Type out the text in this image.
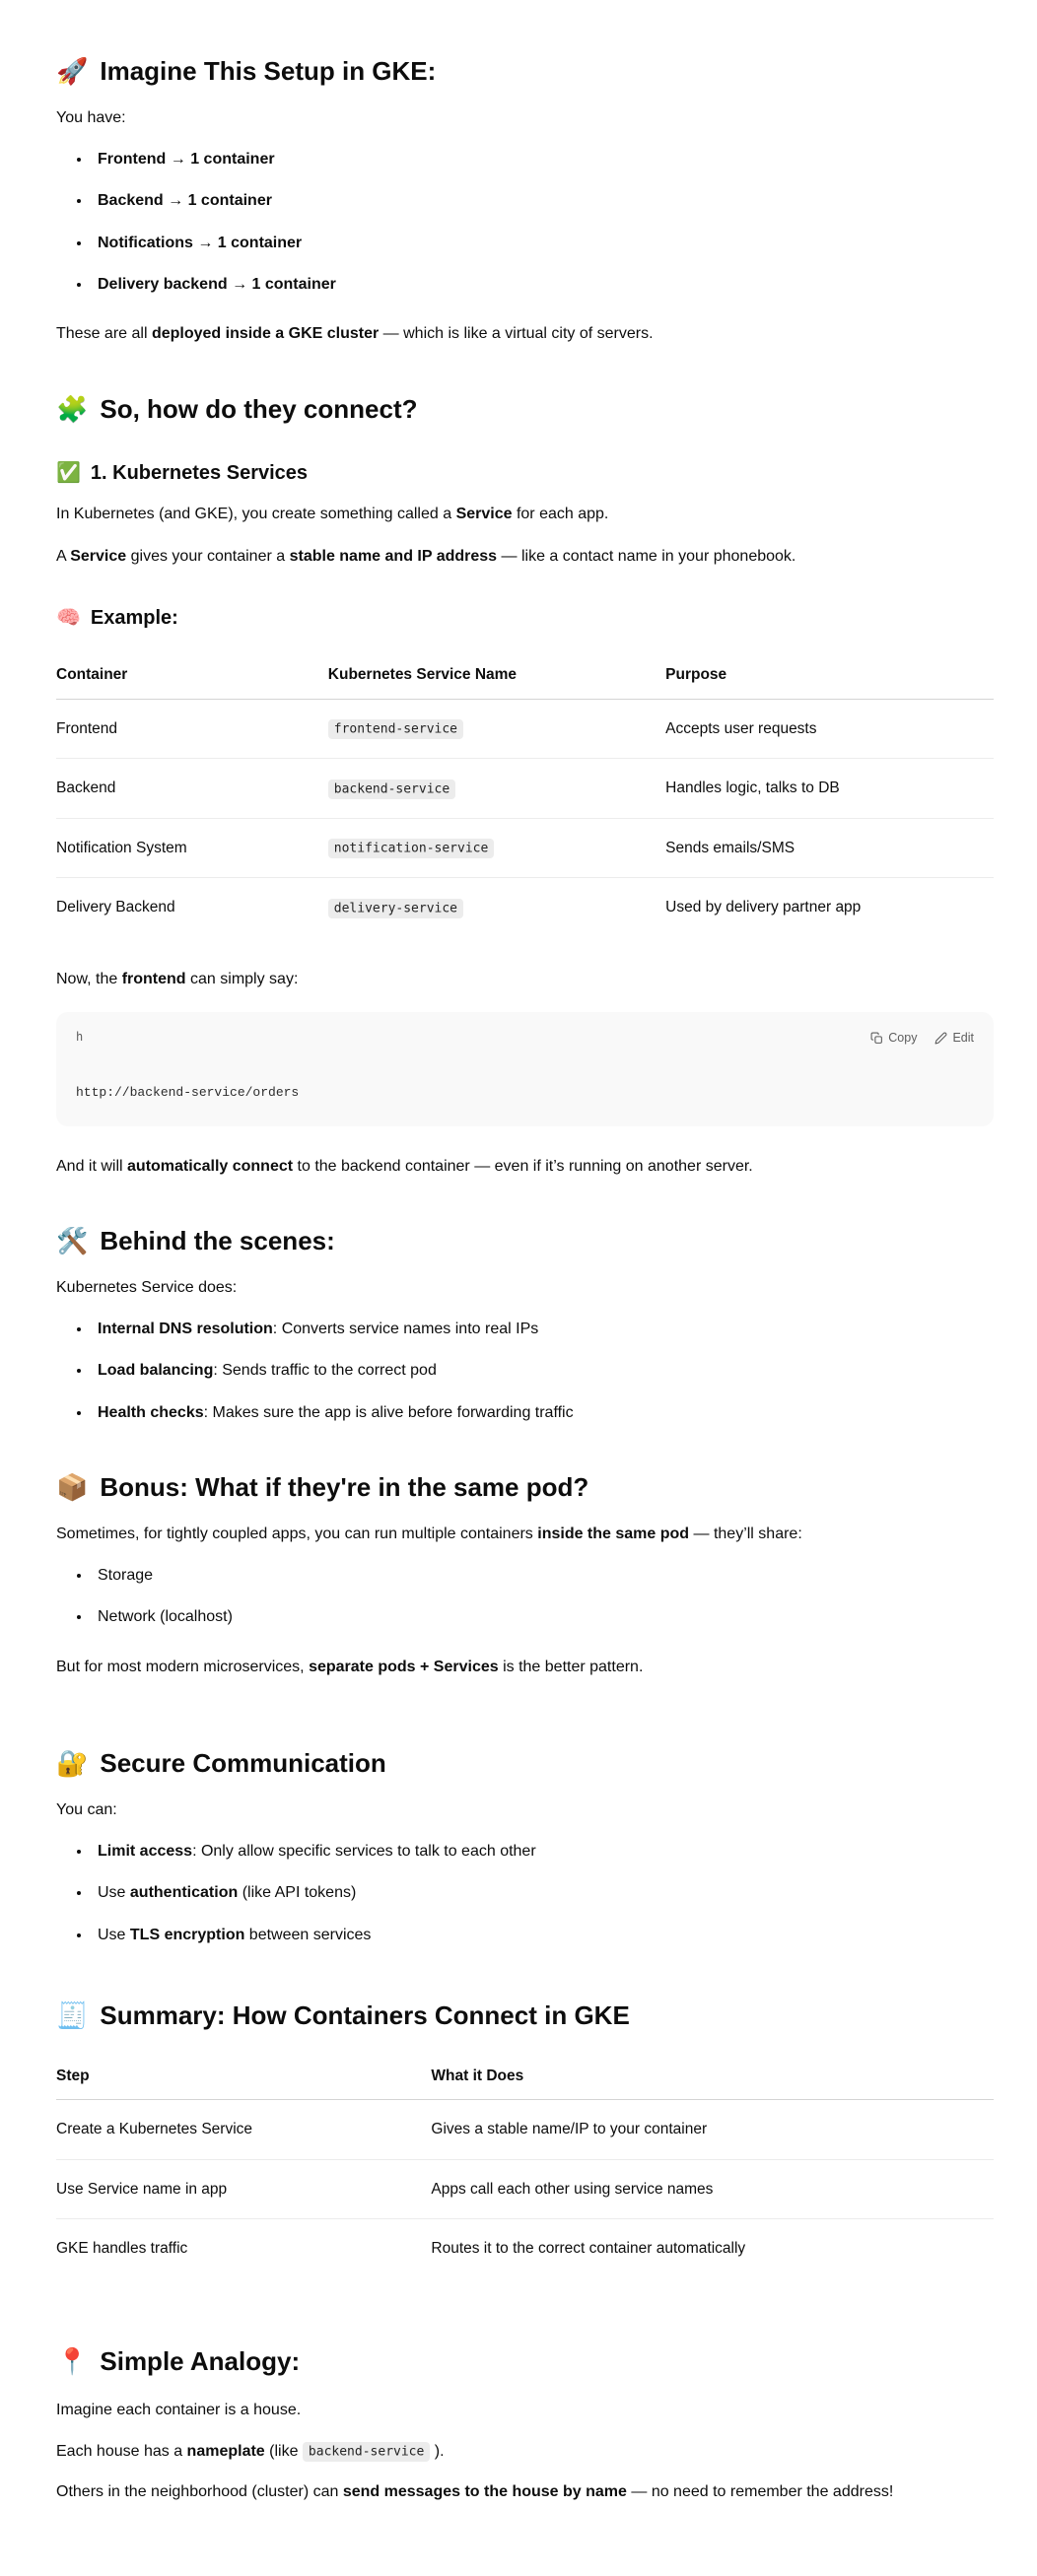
🚀 Imagine This Setup in GKE:

You have:

• Frontend → 1 container
• Backend → 1 container
• Notifications → 1 container
• Delivery backend → 1 container

These are all deployed inside a GKE cluster — which is like a virtual city of servers.

🧩 So, how do they connect?
✅ 1. Kubernetes Services

In Kubernetes (and GKE), you create something called a Service for each app.

A Service gives your container a stable name and IP address — like a contact name in your phonebook.

🧠 Example:
Container	Kubernetes Service Name	Purpose
Frontend	frontend-service	Accepts user requests
Backend	backend-service	Handles logic, talks to DB
Notification System	notification-service	Sends emails/SMS
Delivery Backend	delivery-service	Used by delivery partner app

Now, the frontend can simply say:

h	Copy	Edit
http://backend-service/orders

And it will automatically connect to the backend container — even if it’s running on another server.

🛠️ Behind the scenes:

Kubernetes Service does:

• Internal DNS resolution: Converts service names into real IPs
• Load balancing: Sends traffic to the correct pod
• Health checks: Makes sure the app is alive before forwarding traffic
📦 Bonus: What if they're in the same pod?

Sometimes, for tightly coupled apps, you can run multiple containers inside the same pod — they’ll share:

• Storage
• Network (localhost)

But for most modern microservices, separate pods + Services is the better pattern.

🔐 Secure Communication

You can:

• Limit access: Only allow specific services to talk to each other
• Use authentication (like API tokens)
• Use TLS encryption between services
🧾 Summary: How Containers Connect in GKE
Step	What it Does
Create a Kubernetes Service	Gives a stable name/IP to your container
Use Service name in app	Apps call each other using service names
GKE handles traffic	Routes it to the correct container automatically
📍 Simple Analogy:

Imagine each container is a house.

Each house has a nameplate (like backend-service ).

Others in the neighborhood (cluster) can send messages to the house by name — no need to remember the address!
